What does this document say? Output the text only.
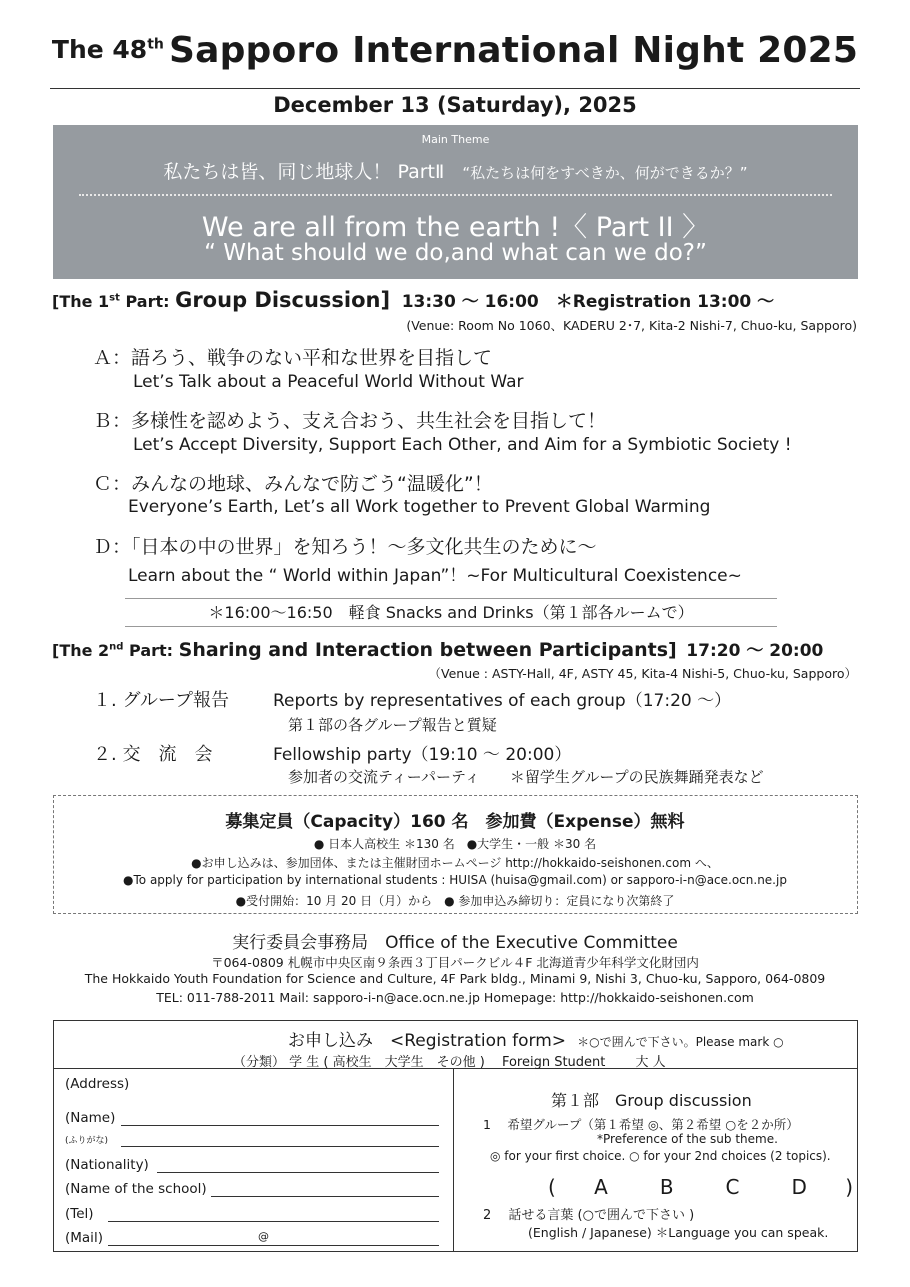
The 48th Sapporo International Night 2025
December 13 (Saturday), 2025
Main Theme
私たちは皆、同じ地球人！ PartⅡ “私たちは何をすべきか、何ができるか？”
We are all from the earth !〈 Part II 〉
“ What should we do,and what can we do?”
[The 1st Part: Group Discussion] 13:30 ～ 16:00　＊Registration 13:00 ～
(Venue: Room No 1060、KADERU 2･7, Kita-2 Nishi-7, Chuo-ku, Sapporo)
Ａ：語ろう、戦争のない平和な世界を目指して
Let’s Talk about a Peaceful World Without War
Ｂ：多様性を認めよう、支え合おう、共生社会を目指して！
Let’s Accept Diversity, Support Each Other, and Aim for a Symbiotic Society !
Ｃ：みんなの地球、みんなで防ごう“温暖化”！
Everyone’s Earth, Let’s all Work together to Prevent Global Warming
Ｄ：「日本の中の世界」を知ろう！～多文化共生のために～
Learn about the “ World within Japan”！~For Multicultural Coexistence~
＊16:00～16:50　軽食 Snacks and Drinks（第１部各ルームで）
[The 2nd Part: Sharing and Interaction between Participants] 17:20 ～ 20:00
（Venue : ASTY-Hall, 4F, ASTY 45, Kita-4 Nishi-5, Chuo-ku, Sapporo）
１. グループ報告	Reports by representatives of each group（17:20 ～）
第１部の各グループ報告と質疑
２. 交　流　会	Fellowship party（19:10 ～ 20:00）
参加者の交流ティーパーティ　　＊留学生グループの民族舞踊発表など
募集定員（Capacity）160 名　参加費（Expense）無料
● 日本人高校生 ＊130 名　●大学生・一般 ＊30 名
●お申し込みは、参加団体、または主催財団ホームページ http://hokkaido-seishonen.com へ、
●To apply for participation by international students : HUISA (huisa@gmail.com) or sapporo-i-n@ace.ocn.ne.jp
●受付開始：10 月 20 日（月）から　● 参加申込み締切り：定員になり次第終了
実行委員会事務局　Office of the Executive Committee
〒064-0809 札幌市中央区南９条西３丁目パークビル４F 北海道青少年科学文化財団内
The Hokkaido Youth Foundation for Science and Culture, 4F Park bldg., Minami 9, Nishi 3, Chuo-ku, Sapporo, 064-0809
TEL: 011-788-2011 Mail: sapporo-i-n@ace.ocn.ne.jp Homepage: http://hokkaido-seishonen.com
お申し込み　<Registration form> ＊○で囲んで下さい。Please mark ○
（分類） 学 生 ( 高校生　大学生　その他 )　 Foreign Student　　 大 人
(Address)
(Name)
(ふりがな)
(Nationality)
(Name of the school)
(Tel)
(Mail)	@
第１部　Group discussion
1　 希望グループ（第１希望 ◎、第２希望 ○を２か所）
*Preference of the sub theme.
◎ for your first choice. ○ for your 2nd choices (2 topics).
(　 A　　B　　C　　D　 )
2　 話せる言葉 (○で囲んで下さい )
(English / Japanese) ＊Language you can speak.
